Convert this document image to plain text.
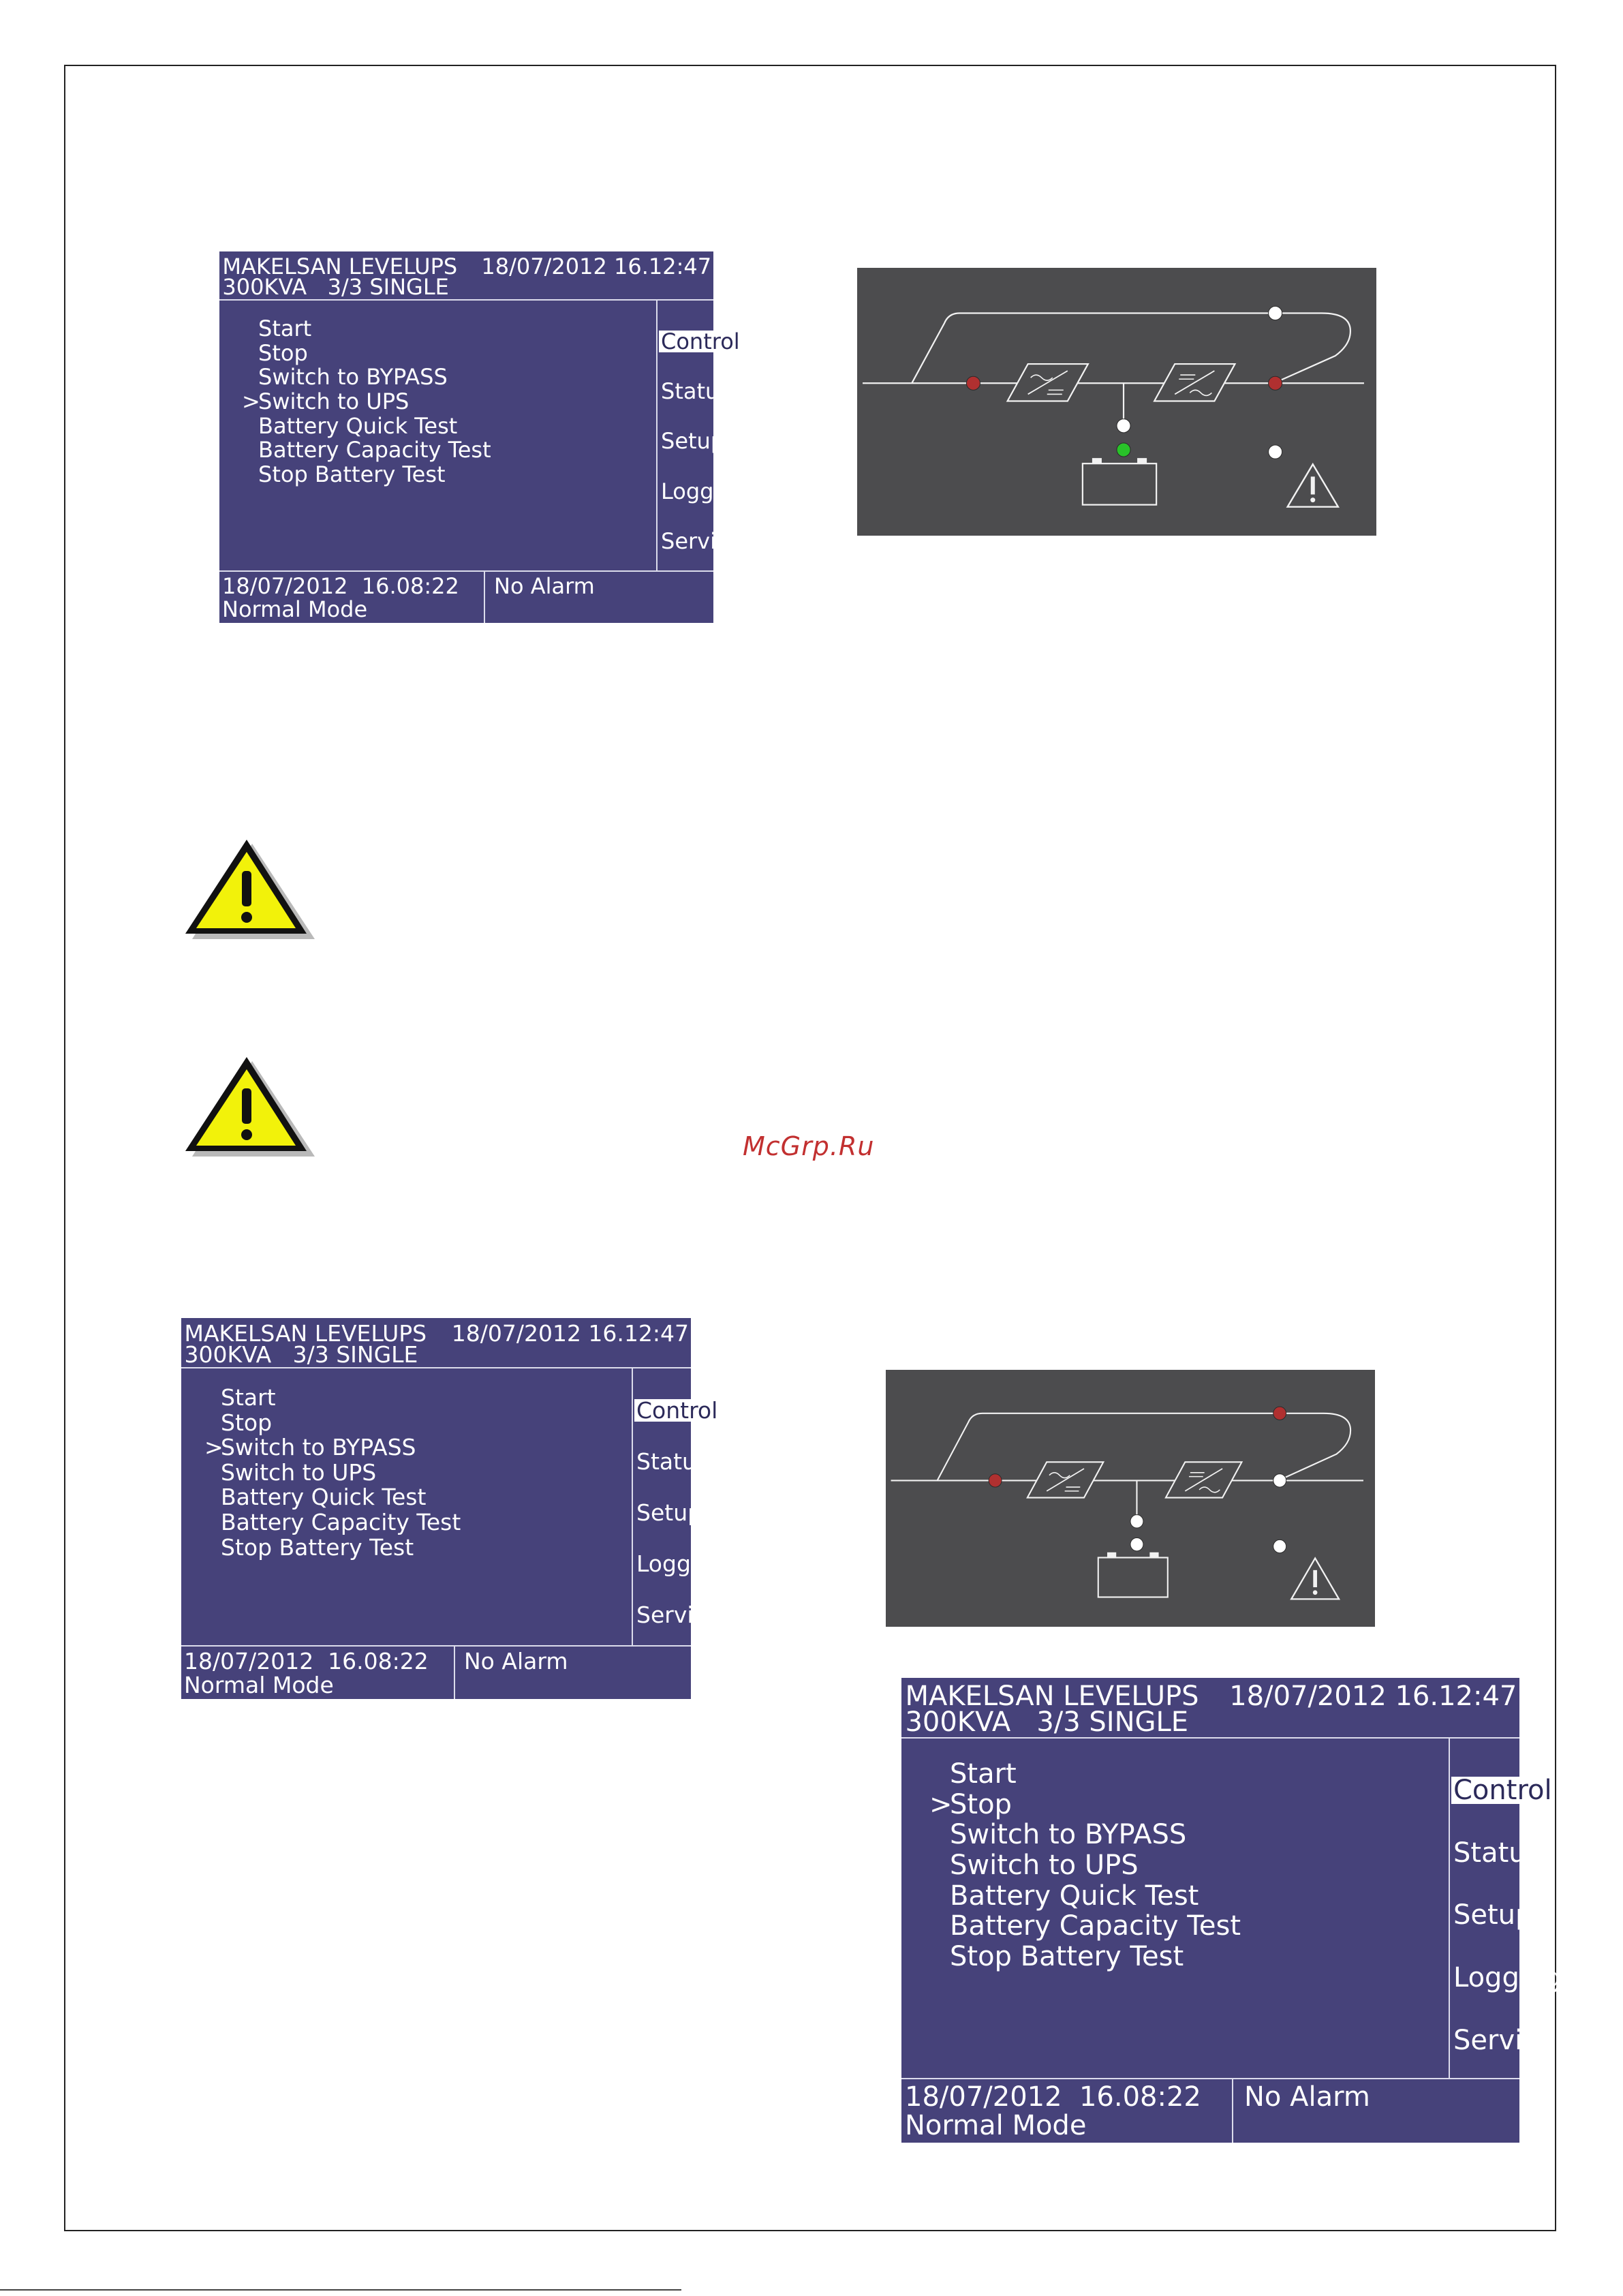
MAKELSAN LEVELUPS 18/07/2012 16.12:47
300KVA   3/3 SINGLE
Start
Stop
Switch to BYPASS
Switch to UPS
>
Battery Quick Test
Battery Capacity Test
Stop Battery Test
Control
Status
Setup
Logging
Service
18/07/2012  16.08:22
Normal Mode
No Alarm
McGrp.Ru
MAKELSAN LEVELUPS 18/07/2012 16.12:47
300KVA   3/3 SINGLE
Start
Stop
Switch to BYPASS
>
Switch to UPS
Battery Quick Test
Battery Capacity Test
Stop Battery Test
Control
Status
Setup
Logging
Service
18/07/2012  16.08:22
Normal Mode
No Alarm
MAKELSAN LEVELUPS 18/07/2012 16.12:47
300KVA   3/3 SINGLE
Start
Stop
>
Switch to BYPASS
Switch to UPS
Battery Quick Test
Battery Capacity Test
Stop Battery Test
Control
Status
Setup
Logging
Service
18/07/2012  16.08:22
Normal Mode
No Alarm
